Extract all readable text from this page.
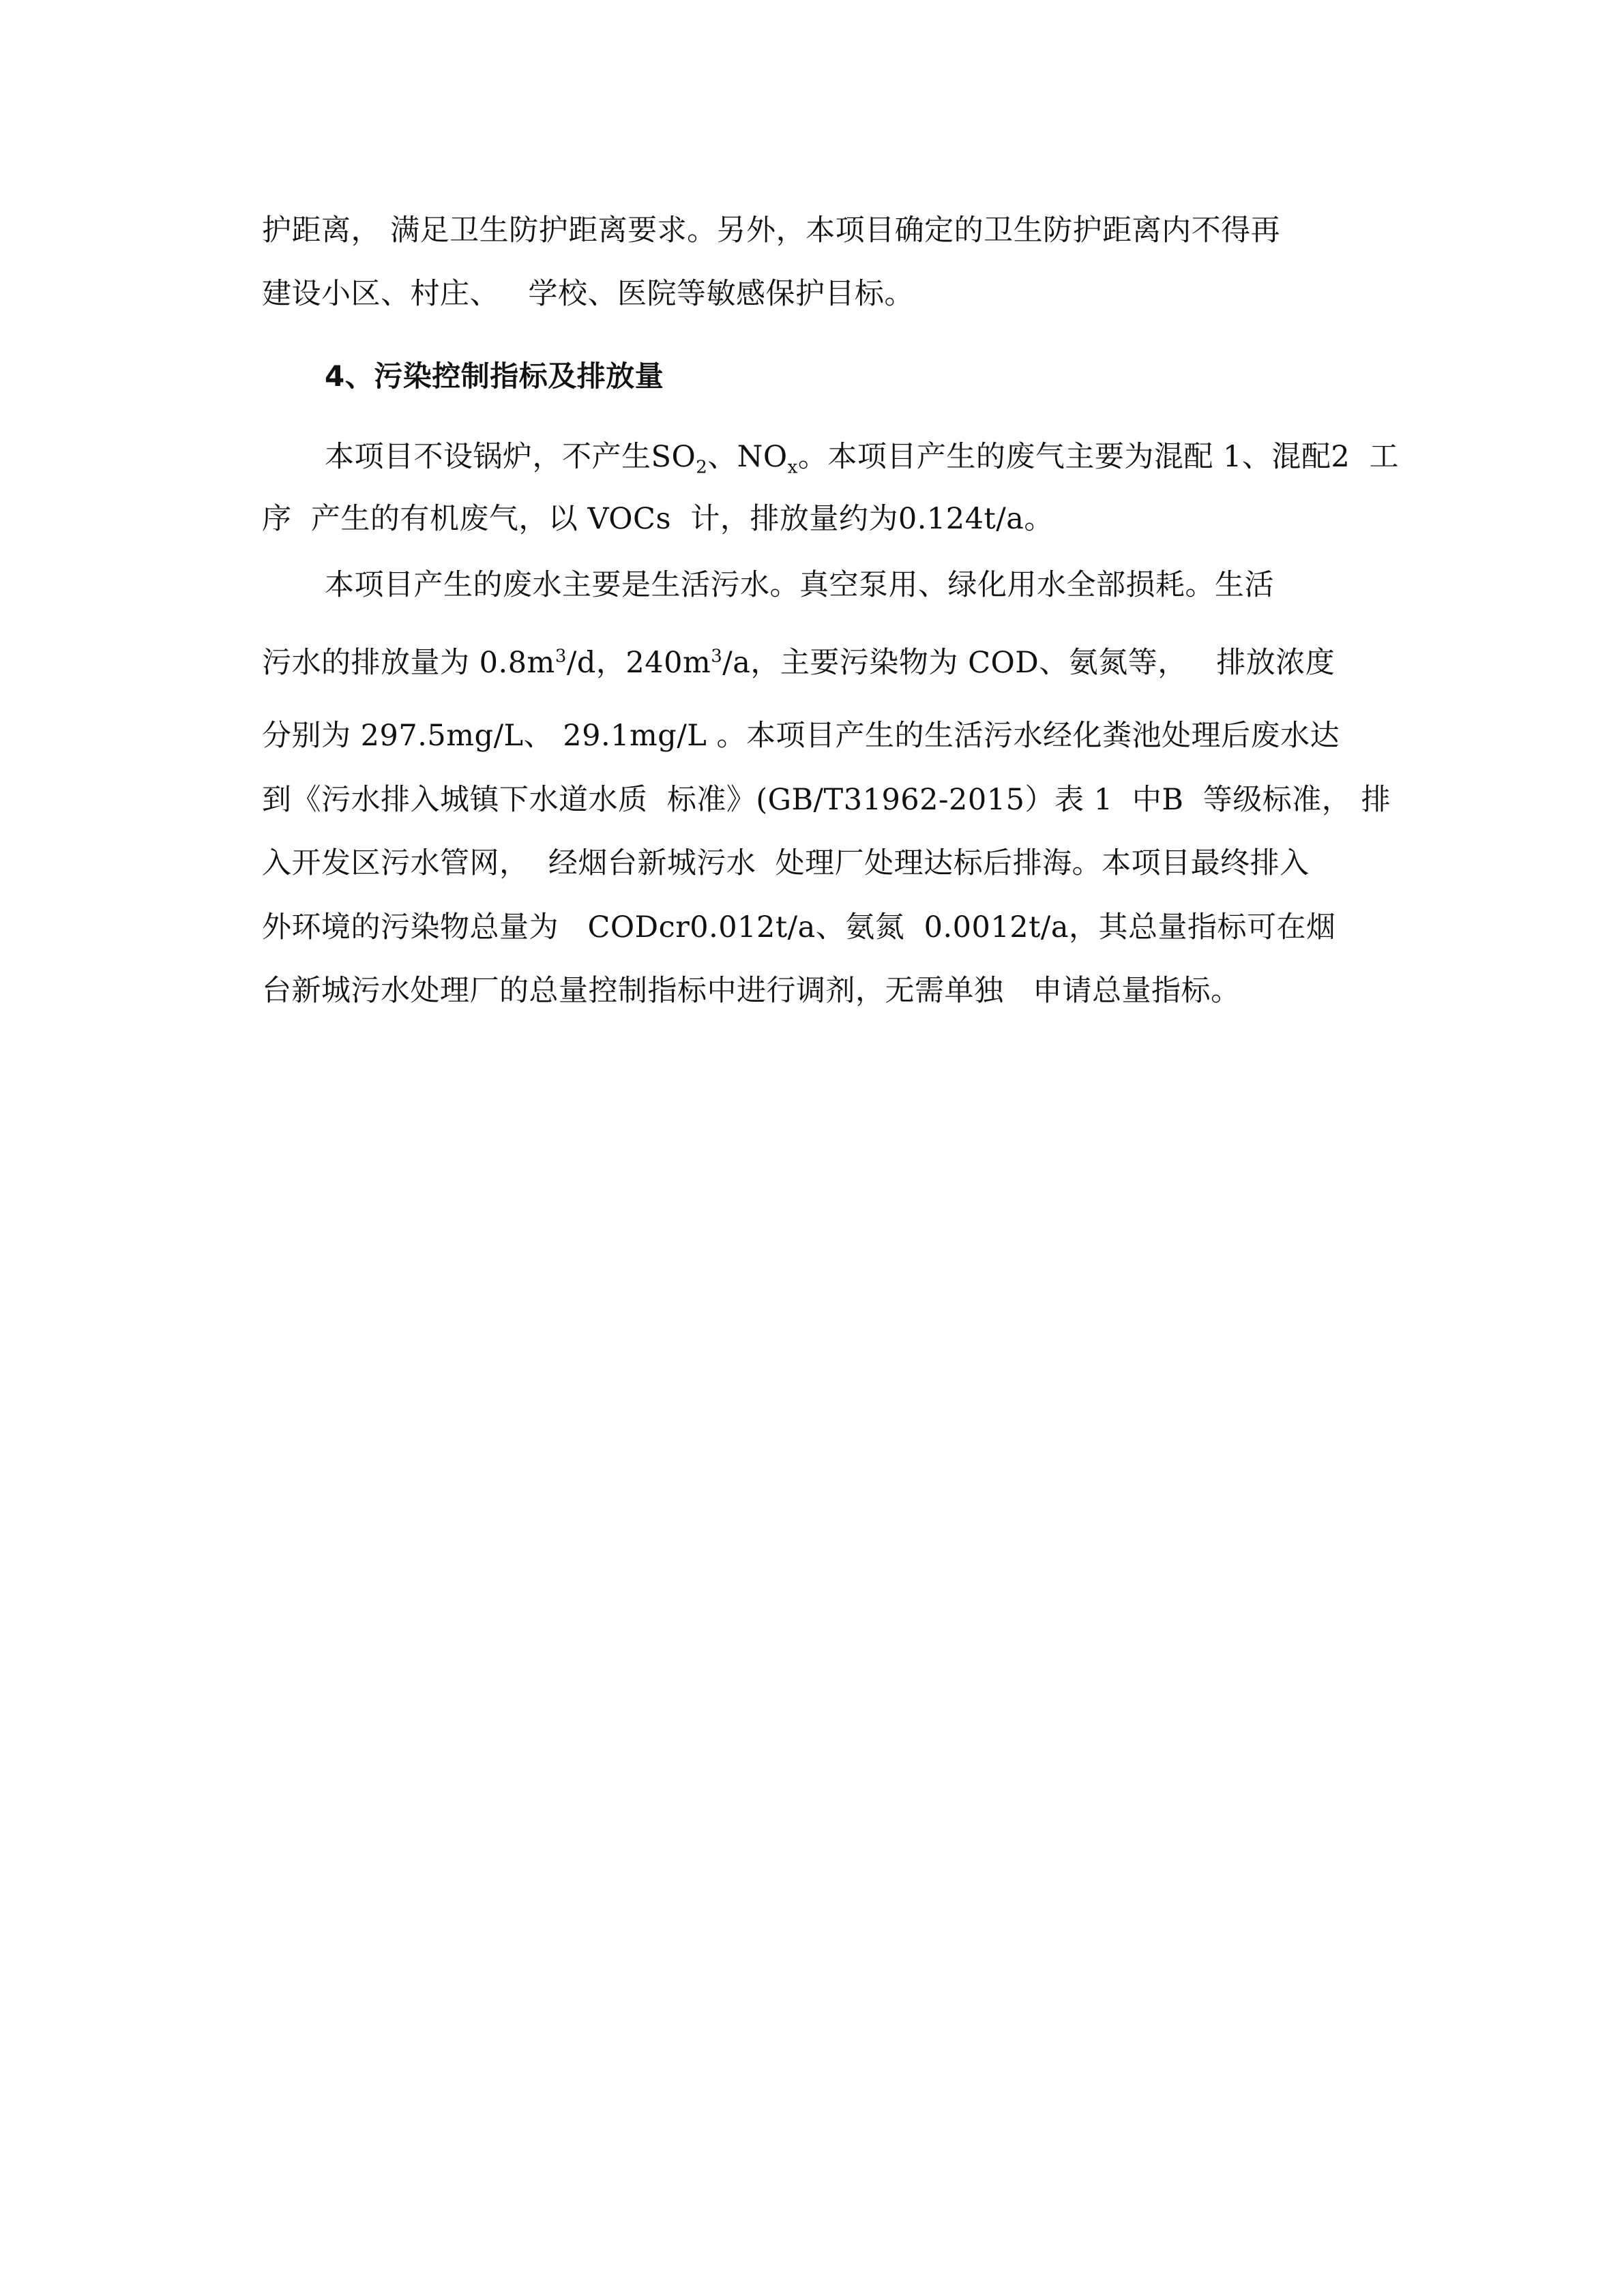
护距离， 满足卫生防护距离要求。另外，本项目确定的卫生防护距离内不得再
建设小区、村庄、   学校、医院等敏感保护目标。
4、污染控制指标及排放量
本项目不设锅炉，不产生$SO_2$、$NO_x$。本项目产生的废气主要为混配 1、混配2  工
序  产生的有机废气，以 VOCs  计，排放量约为0.124t/a。
本项目产生的废水主要是生活污水。真空泵用、绿化用水全部损耗。生活
污水的排放量为 $0.8m^3/d$，$240m^3/a$，主要污染物为 COD、氨氮等，   排放浓度
分别为 297.5mg/L、 29.1mg/L 。本项目产生的生活污水经化粪池处理后废水达
到《污水排入城镇下水道水质  标准》(GB/T31962-2015）表 1  中B  等级标准， 排
入开发区污水管网，  经烟台新城污水  处理厂处理达标后排海。本项目最终排入
外环境的污染物总量为   CODcr0.012t/a、氨氮  0.0012t/a，其总量指标可在烟
台新城污水处理厂的总量控制指标中进行调剂，无需单独   申请总量指标。
